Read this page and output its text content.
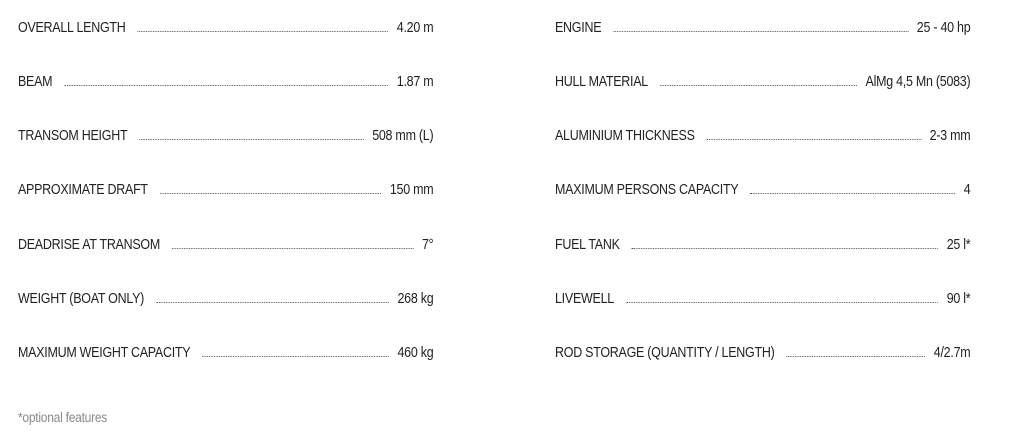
OVERALL LENGTH	4.20 m
BEAM	1.87 m
TRANSOM HEIGHT	508 mm (L)
APPROXIMATE DRAFT	150 mm
DEADRISE AT TRANSOM	7°
WEIGHT (BOAT ONLY)	268 kg
MAXIMUM WEIGHT CAPACITY	460 kg
ENGINE	25 - 40 hp
HULL MATERIAL	AlMg 4,5 Mn (5083)
ALUMINIUM THICKNESS	2-3 mm
MAXIMUM PERSONS CAPACITY	4
FUEL TANK	25 l*
LIVEWELL	90 l*
ROD STORAGE (QUANTITY / LENGTH)	4/2.7m
*optional features
